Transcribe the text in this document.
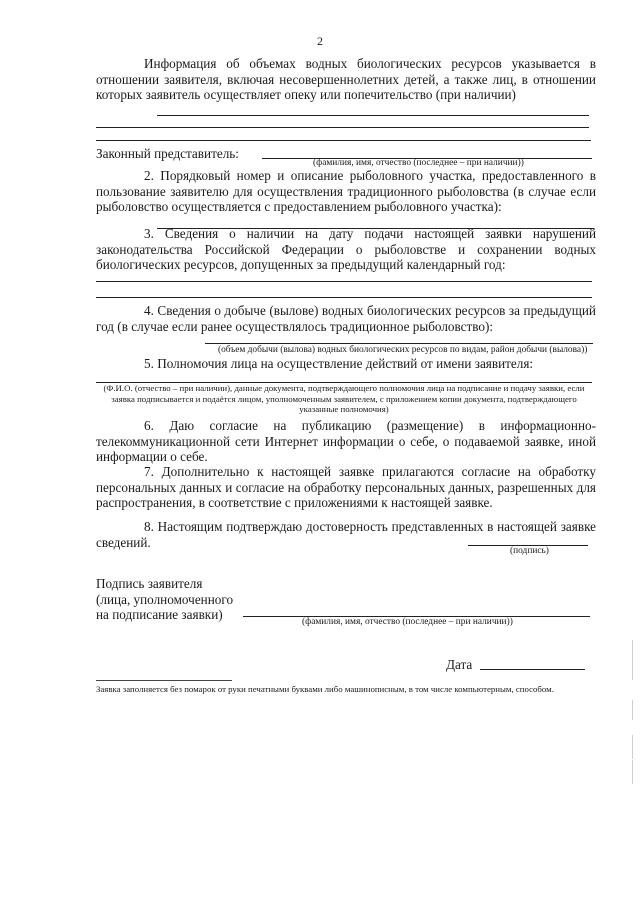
2
Информация об объемах водных биологических ресурсов указывается в отношении заявителя, включая несовершеннолетних детей, а также лиц, в отношении которых заявитель осуществляет опеку или попечительство (при наличии)
Законный представитель:
(фамилия, имя, отчество (последнее – при наличии))
2. Порядковый номер и описание рыболовного участка, предоставленного в пользование заявителю для осуществления традиционного рыболовства (в случае если рыболовство осуществляется с предоставлением рыболовного участка):
3. Сведения о наличии на дату подачи настоящей заявки нарушений законодательства Российской Федерации о рыболовстве и сохранении водных биологических ресурсов, допущенных за предыдущий календарный год:
4. Сведения о добыче (вылове) водных биологических ресурсов за предыдущий год (в случае если ранее осуществлялось традиционное рыболовство):
(объем добычи (вылова) водных биологических ресурсов по видам, район добычи (вылова))
5. Полномочия лица на осуществление действий от имени заявителя:
(Ф.И.О. (отчество – при наличии), данные документа, подтверждающего полномочия лица на подписание и подачу заявки, если заявка подписывается и подаётся лицом, уполномоченным заявителем, с приложением копии документа, подтверждающего указанные полномочия)
6. Даю согласие на публикацию (размещение) в информационно-телекоммуникационной сети Интернет информации о себе, о подаваемой заявке, иной информации о себе.
7. Дополнительно к настоящей заявке прилагаются согласие на обработку персональных данных и согласие на обработку персональных данных, разрешенных для распространения, в соответствие с приложениями к настоящей заявке.
8. Настоящим подтверждаю достоверность представленных в настоящей заявке сведений.
(подпись)
Подпись заявителя
(лица, уполномоченного
на подписание заявки)	(фамилия, имя, отчество (последнее – при наличии))
Дата
Заявка заполняется без помарок от руки печатными буквами либо машинописным, в том числе компьютерным, способом.
